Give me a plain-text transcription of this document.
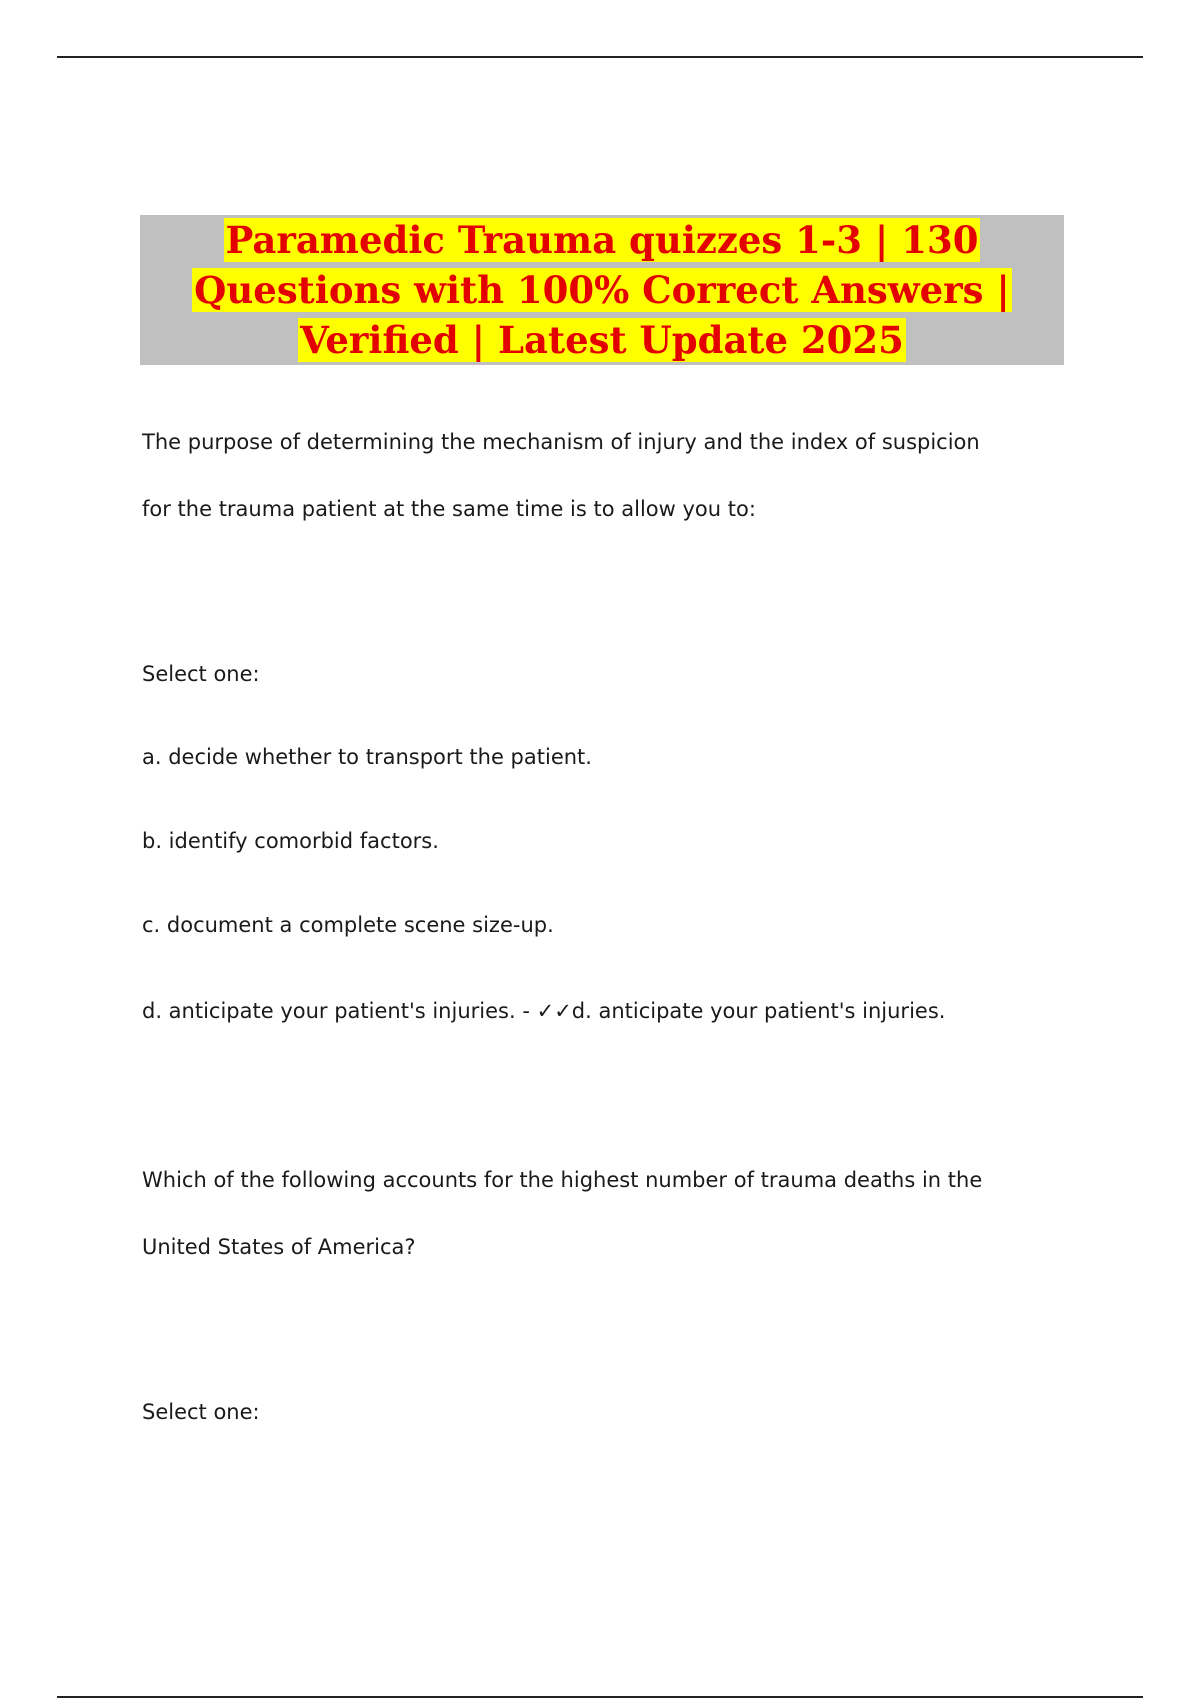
Paramedic Trauma quizzes 1-3 | 130 Questions with 100% Correct Answers | Verified | Latest Update 2025

The purpose of determining the mechanism of injury and the index of suspicion

for the trauma patient at the same time is to allow you to:

Select one:

a. decide whether to transport the patient.

b. identify comorbid factors.

c. document a complete scene size-up.

d. anticipate your patient's injuries. - ✓✓d. anticipate your patient's injuries.

Which of the following accounts for the highest number of trauma deaths in the

United States of America?

Select one:
